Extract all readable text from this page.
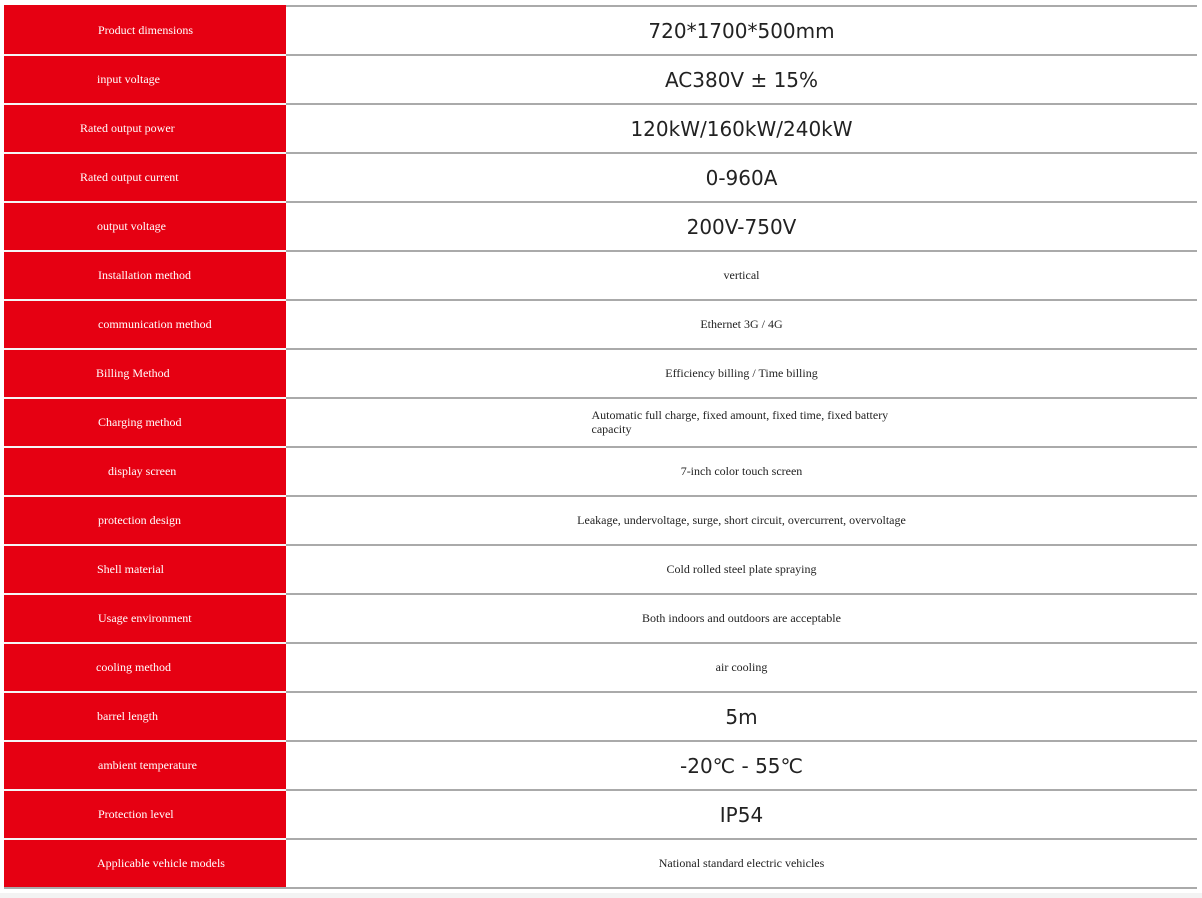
Product dimensions	720*1700*500mm

input voltage	AC380V ± 15%

Rated output power	120kW/160kW/240kW

Rated output current	0-960A

output voltage	200V-750V

Installation method	vertical

communication method	Ethernet 3G / 4G

Billing Method	Efficiency billing / Time billing

Charging method	Automatic full charge, fixed amount, fixed time, fixed battery capacity

display screen	7-inch color touch screen

protection design	Leakage, undervoltage, surge, short circuit, overcurrent, overvoltage

Shell material	Cold rolled steel plate spraying

Usage environment	Both indoors and outdoors are acceptable

cooling method	air cooling

barrel length	5m

ambient temperature	-20℃ - 55℃

Protection level	IP54

Applicable vehicle models	National standard electric vehicles
